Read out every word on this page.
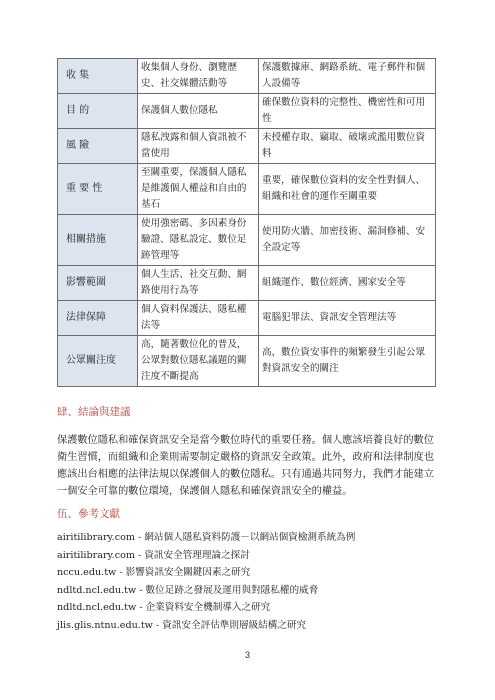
收 集	收集個人身份、瀏覽歷史、社交媒體活動等	保護數據庫、網路系統、電子郵件和個人設備等
目 的	保護個人數位隱私	確保數位資料的完整性、機密性和可用性
風 險	隱私洩露和個人資訊被不當使用	未授權存取、竊取、破壞或濫用數位資料
重 要 性	至關重要，保護個人隱私是維護個人權益和自由的基石	重要，確保數位資料的安全性對個人、組織和社會的運作至關重要
相關措施	使用強密碼、多因素身份驗證、隱私設定、數位足跡管理等	使用防火牆、加密技術、漏洞修補、安全設定等
影響範圍	個人生活、社交互動、網路使用行為等	組織運作、數位經濟、國家安全等
法律保障	個人資料保護法、隱私權法等	電腦犯罪法、資訊安全管理法等
公眾關注度	高，隨著數位化的普及，公眾對數位隱私議題的關注度不斷提高	高，數位資安事件的頻繁發生引起公眾對資訊安全的關注
肆、結論與建議

保護數位隱私和確保資訊安全是當今數位時代的重要任務。個人應該培養良好的數位衛生習慣，而組織和企業則需要制定嚴格的資訊安全政策。此外，政府和法律制度也應該出台相應的法律法規以保護個人的數位隱私。只有通過共同努力，我們才能建立一個安全可靠的數位環境，保護個人隱私和確保資訊安全的權益。

伍、參考文獻
airitilibrary.com - 網站個人隱私資料防護－以網站個資檢測系統為例
airitilibrary.com - 資訊安全管理理論之探討
nccu.edu.tw - 影響資訊安全關鍵因素之研究
ndltd.ncl.edu.tw - 數位足跡之發展及運用與對隱私權的威脅
ndltd.ncl.edu.tw - 企業資料安全機制導入之研究
jlis.glis.ntnu.edu.tw - 資訊安全評估準則層級結構之研究
3
